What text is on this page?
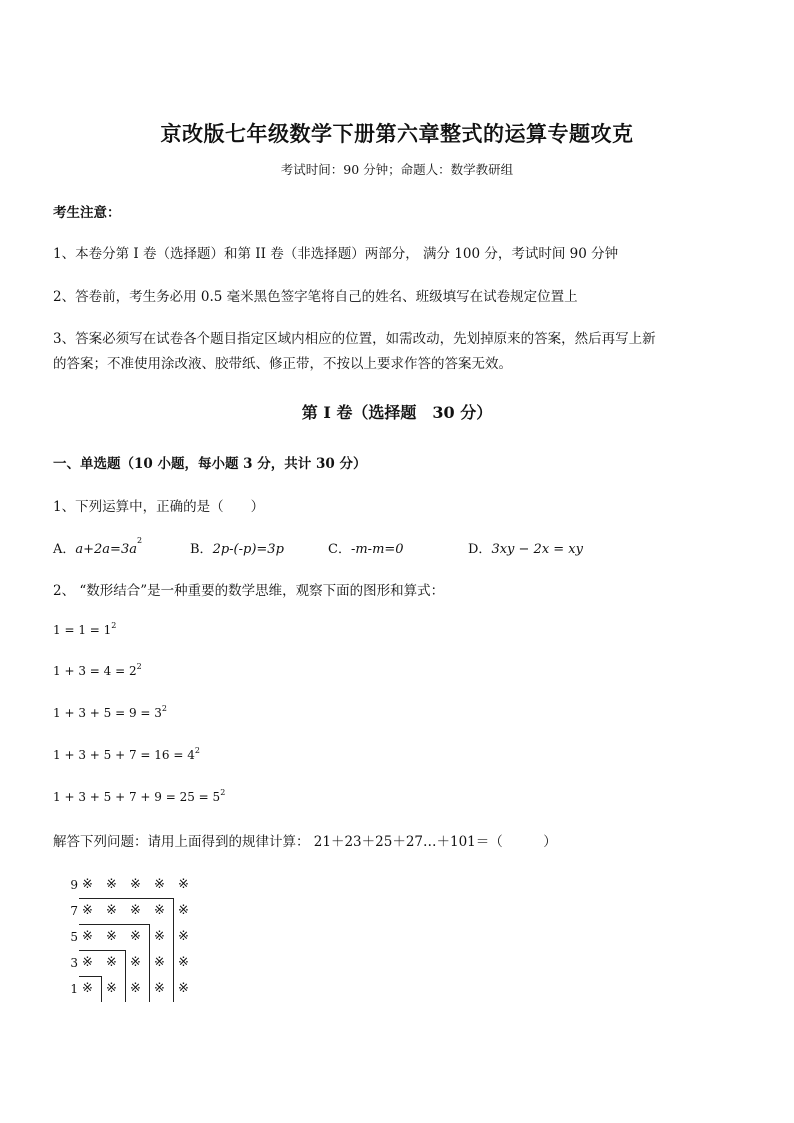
京改版七年级数学下册第六章整式的运算专题攻克
考试时间：90 分钟；命题人：数学教研组
考生注意：
1、本卷分第 I 卷（选择题）和第 II 卷（非选择题）两部分， 满分 100 分，考试时间 90 分钟
2、答卷前，考生务必用 0.5 毫米黑色签字笔将自己的姓名、班级填写在试卷规定位置上
3、答案必须写在试卷各个题目指定区域内相应的位置，如需改动，先划掉原来的答案，然后再写上新
的答案；不准使用涂改液、胶带纸、修正带，不按以上要求作答的答案无效。
第 I 卷（选择题　30 分）
一、单选题（10 小题，每小题 3 分，共计 30 分）
1、下列运算中，正确的是（　　）
A．$a+2a=3a^2$
B．2p-(-p)=3p	C．-m-m=0	D．3xy − 2x = xy
2、 “数形结合”是一种重要的数学思维，观察下面的图形和算式：
$1 = 1 = 1^2$
$1 + 3 = 4 = 2^2$
$1 + 3 + 5 = 9 = 3^2$
$1 + 3 + 5 + 7 = 16 = 4^2$
$1 + 3 + 5 + 7 + 9 = 25 = 5^2$
解答下列问题：请用上面得到的规律计算： 21＋23＋25＋27…＋101＝（　　　）
9 ※ ※ ※ ※ ※
7 ※ ※ ※ ※ ※
5 ※ ※ ※ ※ ※
3 ※ ※ ※ ※ ※
1 ※ ※ ※ ※ ※
